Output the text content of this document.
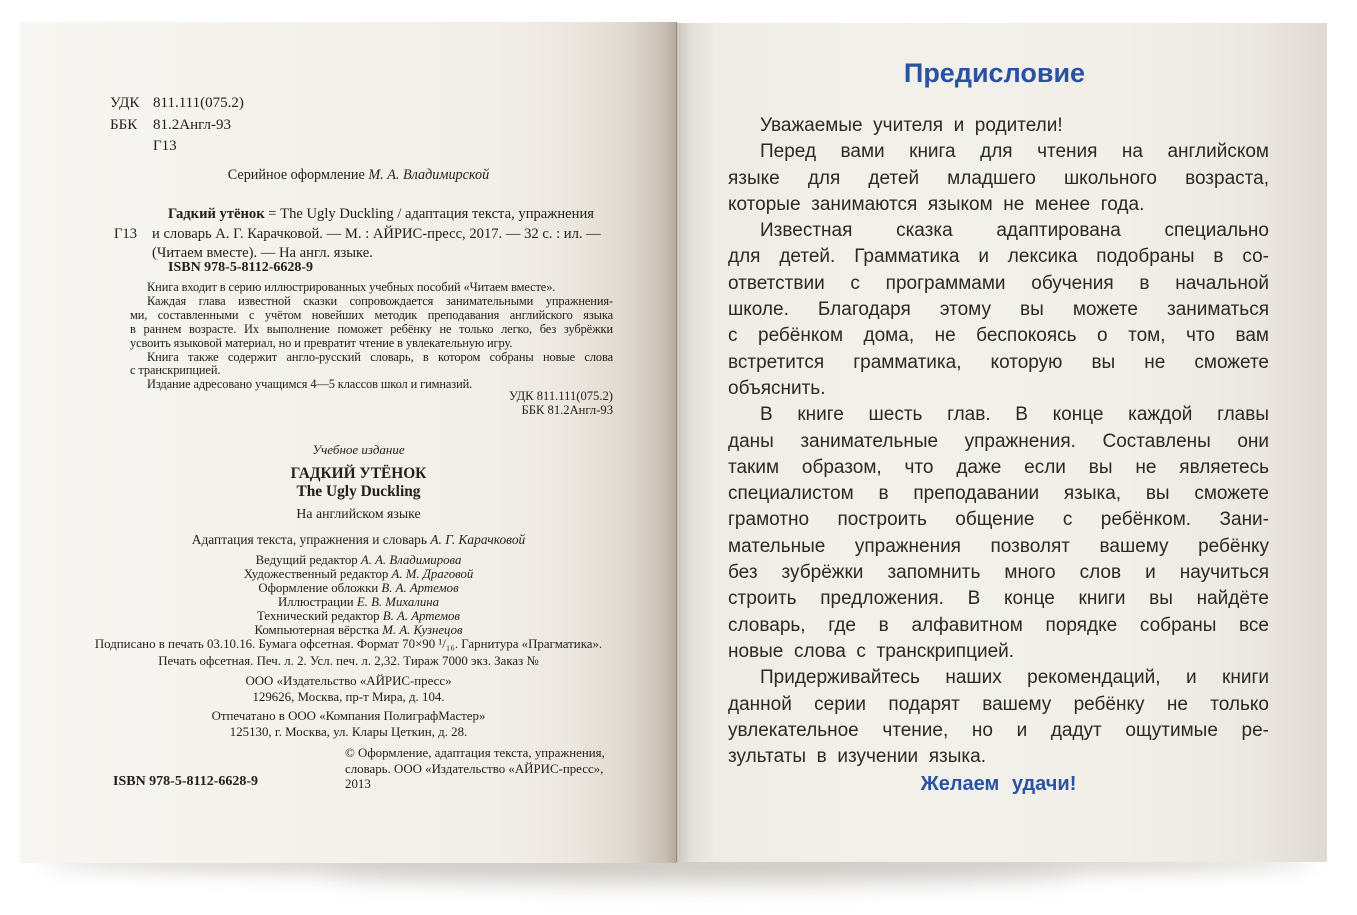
УДК 811.111(075.2)
ББК 81.2Англ-93
Г13
Серийное оформление М. А. Владимирской
Г13
Гадкий утёнок = The Ugly Duckling / адаптация текста, упражнения
и словарь А. Г. Карачковой. — М. : АЙРИС-пресс, 2017. — 32 с. : ил. —
(Читаем вместе). — На англ. языке.
ISBN 978-5-8112-6628-9
Книга входит в серию иллюстрированных учебных пособий «Читаем вместе».
Каждая глава известной сказки сопровождается занимательными упражнения-
ми, составленными с учётом новейших методик преподавания английского языка
в раннем возрасте. Их выполнение поможет ребёнку не только легко, без зубрёжки
усвоить языковой материал, но и превратит чтение в увлекательную игру.
Книга также содержит англо-русский словарь, в котором собраны новые слова
с транскрипцией.
Издание адресовано учащимся 4—5 классов школ и гимназий.
УДК 811.111(075.2)
ББК 81.2Англ-93
Учебное издание
ГАДКИЙ УТЁНОК
The Ugly Duckling
На английском языке
Адаптация текста, упражнения и словарь А. Г. Карачковой
Ведущий редактор А. А. Владимирова
Художественный редактор А. М. Драговой
Оформление обложки В. А. Артемов
Иллюстрации Е. В. Михалина
Технический редактор В. А. Артемов
Компьютерная вёрстка М. А. Кузнецов
Подписано в печать 03.10.16. Бумага офсетная. Формат 70×90 ¹/₁₆. Гарнитура «Прагматика».
Печать офсетная. Печ. л. 2. Усл. печ. л. 2,32. Тираж 7000 экз. Заказ №
ООО «Издательство «АЙРИС-пресс»
129626, Москва, пр-т Мира, д. 104.
Отпечатано в ООО «Компания ПолиграфМастер»
125130, г. Москва, ул. Клары Цеткин, д. 28.
© Оформление, адаптация текста, упражнения,
словарь. ООО «Издательство «АЙРИС-пресс»,
2013
ISBN 978-5-8112-6628-9
Предисловие
Уважаемые учителя и родители!
Перед вами книга для чтения на английском
языке для детей младшего школьного возраста,
которые занимаются языком не менее года.
Известная сказка адаптирована специально
для детей. Грамматика и лексика подобраны в со-
ответствии с программами обучения в начальной
школе. Благодаря этому вы можете заниматься
с ребёнком дома, не беспокоясь о том, что вам
встретится грамматика, которую вы не сможете
объяснить.
В книге шесть глав. В конце каждой главы
даны занимательные упражнения. Составлены они
таким образом, что даже если вы не являетесь
специалистом в преподавании языка, вы сможете
грамотно построить общение с ребёнком. Зани-
мательные упражнения позволят вашему ребёнку
без зубрёжки запомнить много слов и научиться
строить предложения. В конце книги вы найдёте
словарь, где в алфавитном порядке собраны все
новые слова с транскрипцией.
Придерживайтесь наших рекомендаций, и книги
данной серии подарят вашему ребёнку не только
увлекательное чтение, но и дадут ощутимые ре-
зультаты в изучении языка.
Желаем удачи!
